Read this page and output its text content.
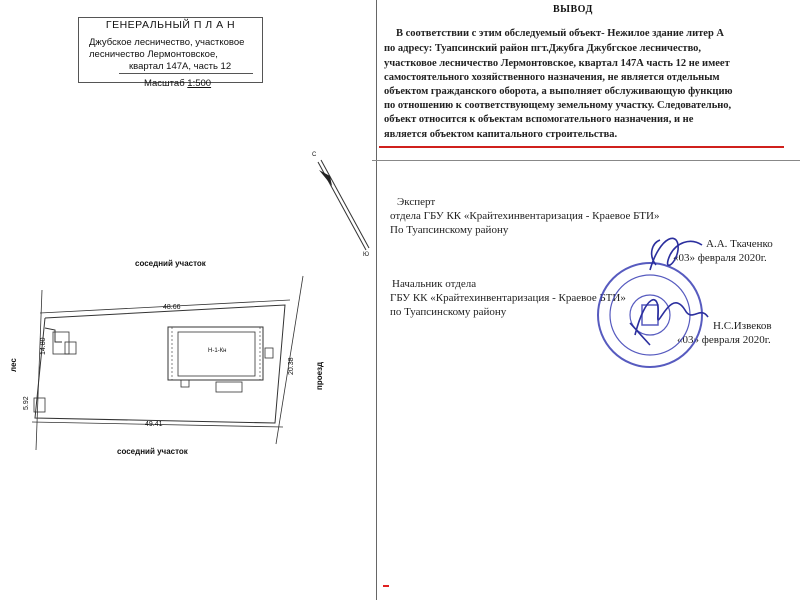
ГЕНЕРАЛЬНЫЙ П Л А Н
Джубское лесничество, участковое
лесничество Лермонтовское,
квартал 147А, часть 12
Масштаб 1:500
соседний участок
соседний участок
лес	проезд
48.66
49.41
20.38
14.80
5.92
С
Ю
Н-1-Кн
ВЫВОД
В соответствии с этим обследуемый объект- Нежилое здание литер А
по адресу: Туапсинский район пгт.Джубга Джубгское лесничество,
участковое лесничество Лермонтовское, квартал 147А часть 12 не имеет
самостоятельного хозяйственного назначения, не является отдельным
объектом гражданского оборота, а выполняет обслуживающую функцию
по отношению к соответствующему земельному участку. Следовательно,
объект относится к объектам вспомогательного назначения, и не
является объектом капитального строительства.
Эксперт
отдела ГБУ КК «Крайтехинвентаризация - Краевое БТИ»
По Туапсинскому району
А.А. Ткаченко
«03» февраля 2020г.
Начальник отдела
ГБУ КК «Крайтехинвентаризация - Краевое БТИ»
по Туапсинскому району
Н.С.Извеков
«03» февраля 2020г.
